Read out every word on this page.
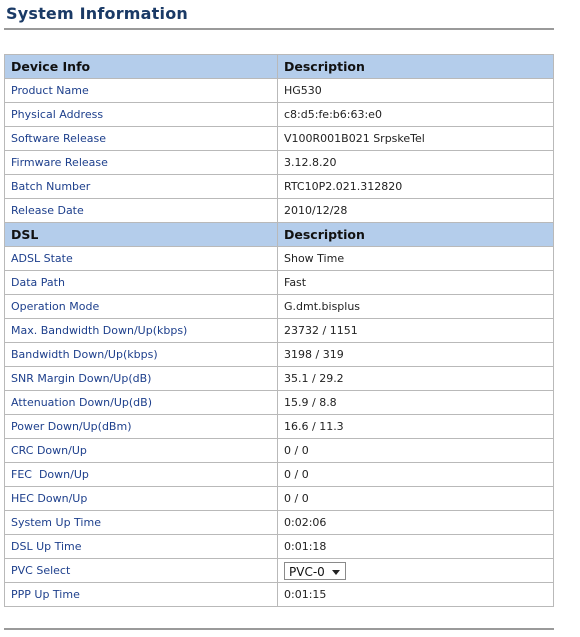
System Information
Device Info	Description
Product Name	HG530
Physical Address	c8:d5:fe:b6:63:e0
Software Release	V100R001B021 SrpskeTel
Firmware Release	3.12.8.20
Batch Number	RTC10P2.021.312820
Release Date	2010/12/28
DSL	Description
ADSL State	Show Time
Data Path	Fast
Operation Mode	G.dmt.bisplus
Max. Bandwidth Down/Up(kbps)	23732 / 1151
Bandwidth Down/Up(kbps)	3198 / 319
SNR Margin Down/Up(dB)	35.1 / 29.2
Attenuation Down/Up(dB)	15.9 / 8.8
Power Down/Up(dBm)	16.6 / 11.3
CRC Down/Up	0 / 0
FEC  Down/Up	0 / 0
HEC Down/Up	0 / 0
System Up Time	0:02:06
DSL Up Time	0:01:18
PVC Select	PVC-0

PPP Up Time	0:01:15
